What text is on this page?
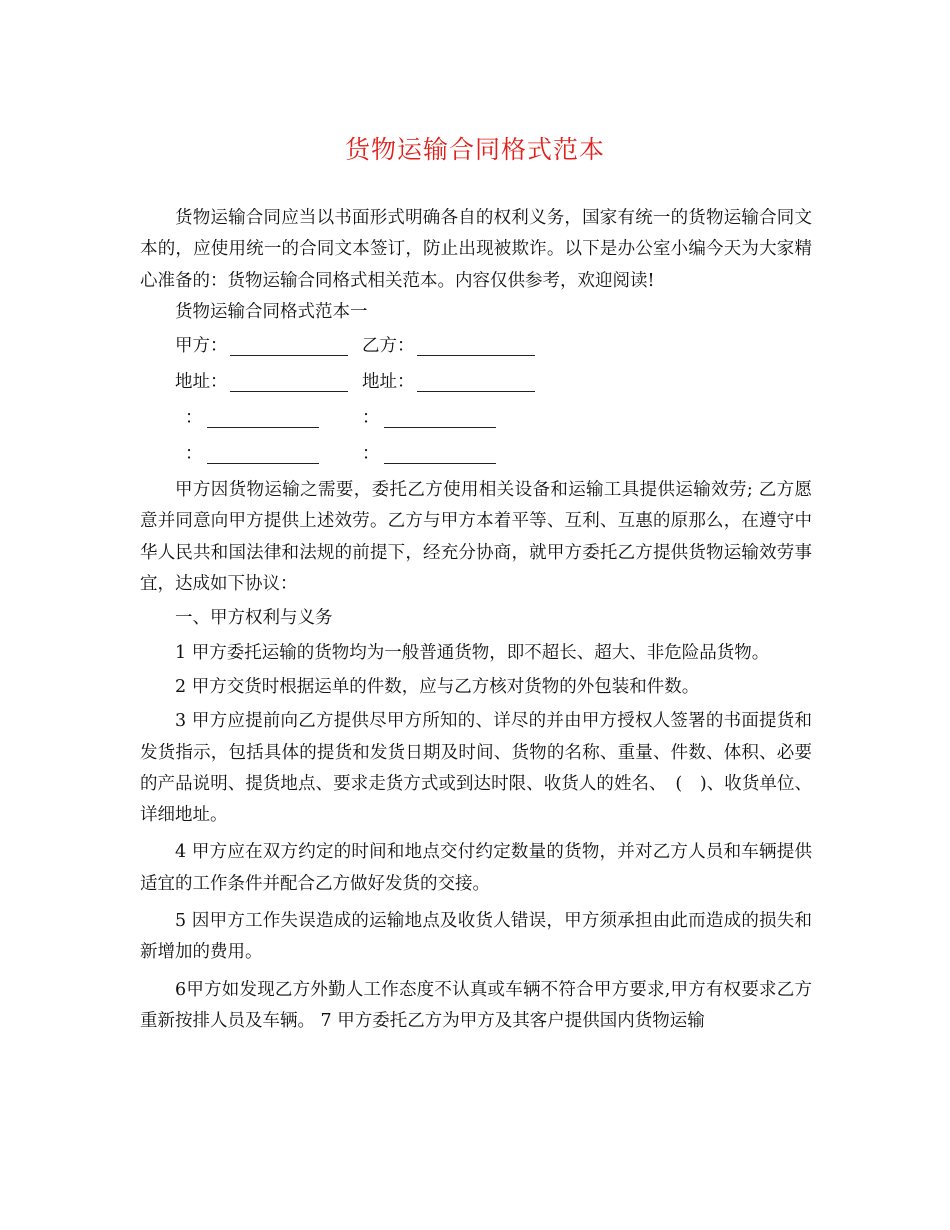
货物运输合同格式范本

货物运输合同应当以书面形式明确各自的权利义务，国家有统一的货物运输合同文本的，应使用统一的合同文本签订，防止出现被欺诈。以下是办公室小编今天为大家精心准备的：货物运输合同格式相关范本。内容仅供参考，欢迎阅读!

货物运输合同格式范本一

甲方：	乙方：
地址：	地址：
：	：
：	：

甲方因货物运输之需要，委托乙方使用相关设备和运输工具提供运输效劳; 乙方愿意并同意向甲方提供上述效劳。乙方与甲方本着平等、互利、互惠的原那么，在遵守中华人民共和国法律和法规的前提下，经充分协商，就甲方委托乙方提供货物运输效劳事宜，达成如下协议：

一、甲方权利与义务

1 甲方委托运输的货物均为一般普通货物，即不超长、超大、非危险品货物。

2 甲方交货时根据运单的件数，应与乙方核对货物的外包装和件数。

3 甲方应提前向乙方提供尽甲方所知的、详尽的并由甲方授权人签署的书面提货和发货指示，包括具体的提货和发货日期及时间、货物的名称、重量、件数、体积、必要的产品说明、提货地点、要求走货方式或到达时限、收货人的姓名、　(　)、收货单位、详细地址。

4 甲方应在双方约定的时间和地点交付约定数量的货物，并对乙方人员和车辆提供适宜的工作条件并配合乙方做好发货的交接。

5 因甲方工作失误造成的运输地点及收货人错误，甲方须承担由此而造成的损失和新增加的费用。

6甲方如发现乙方外勤人工作态度不认真或车辆不符合甲方要求,甲方有权要求乙方重新按排人员及车辆。 7 甲方委托乙方为甲方及其客户提供国内货物运输
